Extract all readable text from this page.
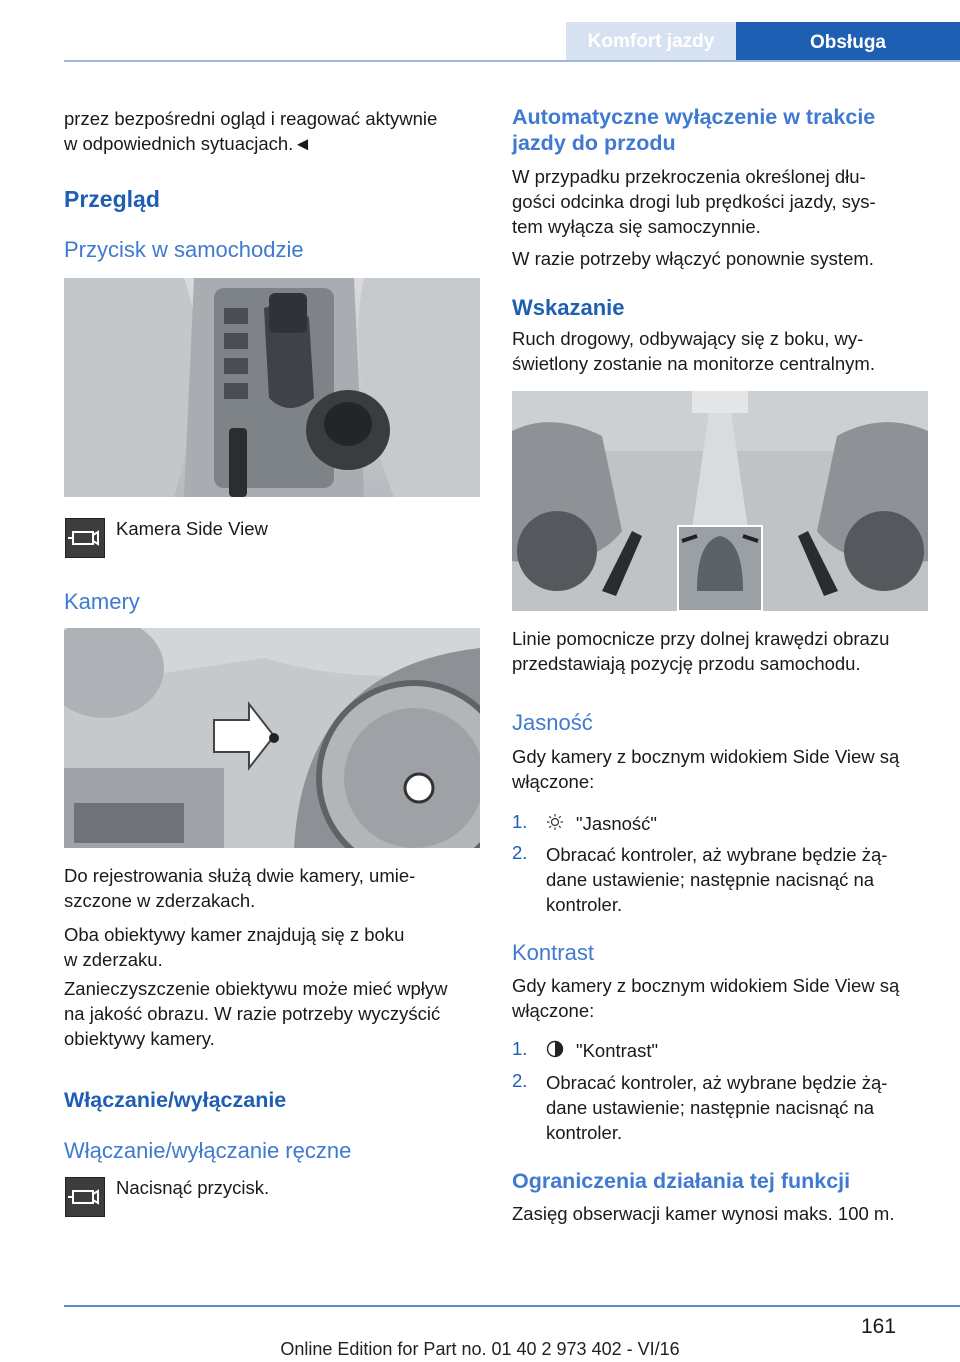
Komfort jazdy	Obsługa

przez bezpośredni ogląd i reagować aktywnie

w odpowiednich sytuacjach.◄

Przegląd

Przycisk w samochodzie

Kamera Side View

Kamery

Do rejestrowania służą dwie kamery, umie‐

szczone w zderzakach.

Oba obiektywy kamer znajdują się z boku

w zderzaku.

Zanieczyszczenie obiektywu może mieć wpływ

na jakość obrazu. W razie potrzeby wyczyścić

obiektywy kamery.

Włączanie/wyłączanie

Włączanie/wyłączanie ręczne

Nacisnąć przycisk.

Automatyczne wyłączenie w trakcie

jazdy do przodu

W przypadku przekroczenia określonej dłu‐

gości odcinka drogi lub prędkości jazdy, sys‐

tem wyłącza się samoczynnie.

W razie potrzeby włączyć ponownie system.

Wskazanie

Ruch drogowy, odbywający się z boku, wy‐

świetlony zostanie na monitorze centralnym.

Linie pomocnicze przy dolnej krawędzi obrazu

przedstawiają pozycję przodu samochodu.

Jasność

Gdy kamery z bocznym widokiem Side View są

włączone:

1.	"Jasność"

2. Obracać kontroler, aż wybrane będzie żą‐

dane ustawienie; następnie nacisnąć na

kontroler.

Kontrast

Gdy kamery z bocznym widokiem Side View są

włączone:

1.	"Kontrast"

2. Obracać kontroler, aż wybrane będzie żą‐

dane ustawienie; następnie nacisnąć na

kontroler.

Ograniczenia działania tej funkcji

Zasięg obserwacji kamer wynosi maks. 100 m.

161
Online Edition for Part no. 01 40 2 973 402 - VI/16
